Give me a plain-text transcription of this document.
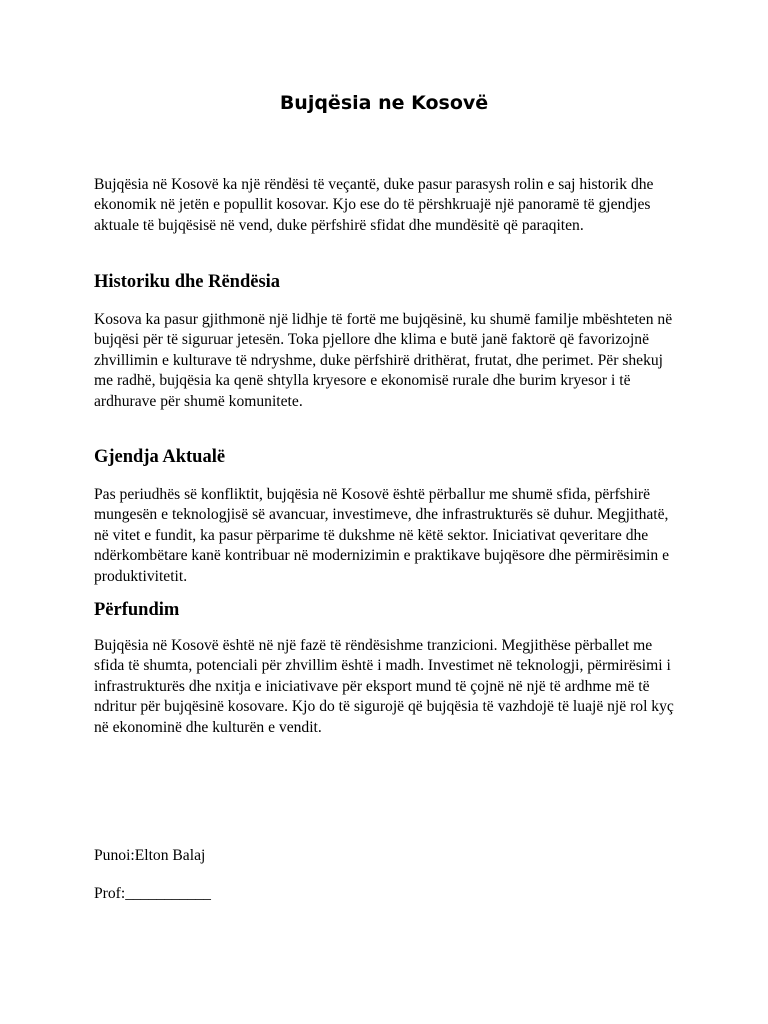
Bujqësia ne Kosovë

Bujqësia në Kosovë ka një rëndësi të veçantë, duke pasur parasysh rolin e saj historik dhe ekonomik në jetën e popullit kosovar. Kjo ese do të përshkruajë një panoramë të gjendjes aktuale të bujqësisë në vend, duke përfshirë sfidat dhe mundësitë që paraqiten.

Historiku dhe Rëndësia

Kosova ka pasur gjithmonë një lidhje të fortë me bujqësinë, ku shumë familje mbështeten në bujqësi për të siguruar jetesën. Toka pjellore dhe klima e butë janë faktorë që favorizojnë zhvillimin e kulturave të ndryshme, duke përfshirë drithërat, frutat, dhe perimet. Për shekuj me radhë, bujqësia ka qenë shtylla kryesore e ekonomisë rurale dhe burim kryesor i të ardhurave për shumë komunitete.

Gjendja Aktualë

Pas periudhës së konfliktit, bujqësia në Kosovë është përballur me shumë sfida, përfshirë mungesën e teknologjisë së avancuar, investimeve, dhe infrastrukturës së duhur. Megjithatë, në vitet e fundit, ka pasur përparime të dukshme në këtë sektor. Iniciativat qeveritare dhe ndërkombëtare kanë kontribuar në modernizimin e praktikave bujqësore dhe përmirësimin e produktivitetit.

Përfundim

Bujqësia në Kosovë është në një fazë të rëndësishme tranzicioni. Megjithëse përballet me sfida të shumta, potenciali për zhvillim është i madh. Investimet në teknologji, përmirësimi i infrastrukturës dhe nxitja e iniciativave për eksport mund të çojnë në një të ardhme më të ndritur për bujqësinë kosovare. Kjo do të sigurojë që bujqësia të vazhdojë të luajë një rol kyç në ekonominë dhe kulturën e vendit.

Punoi:Elton Balaj

Prof:___________
